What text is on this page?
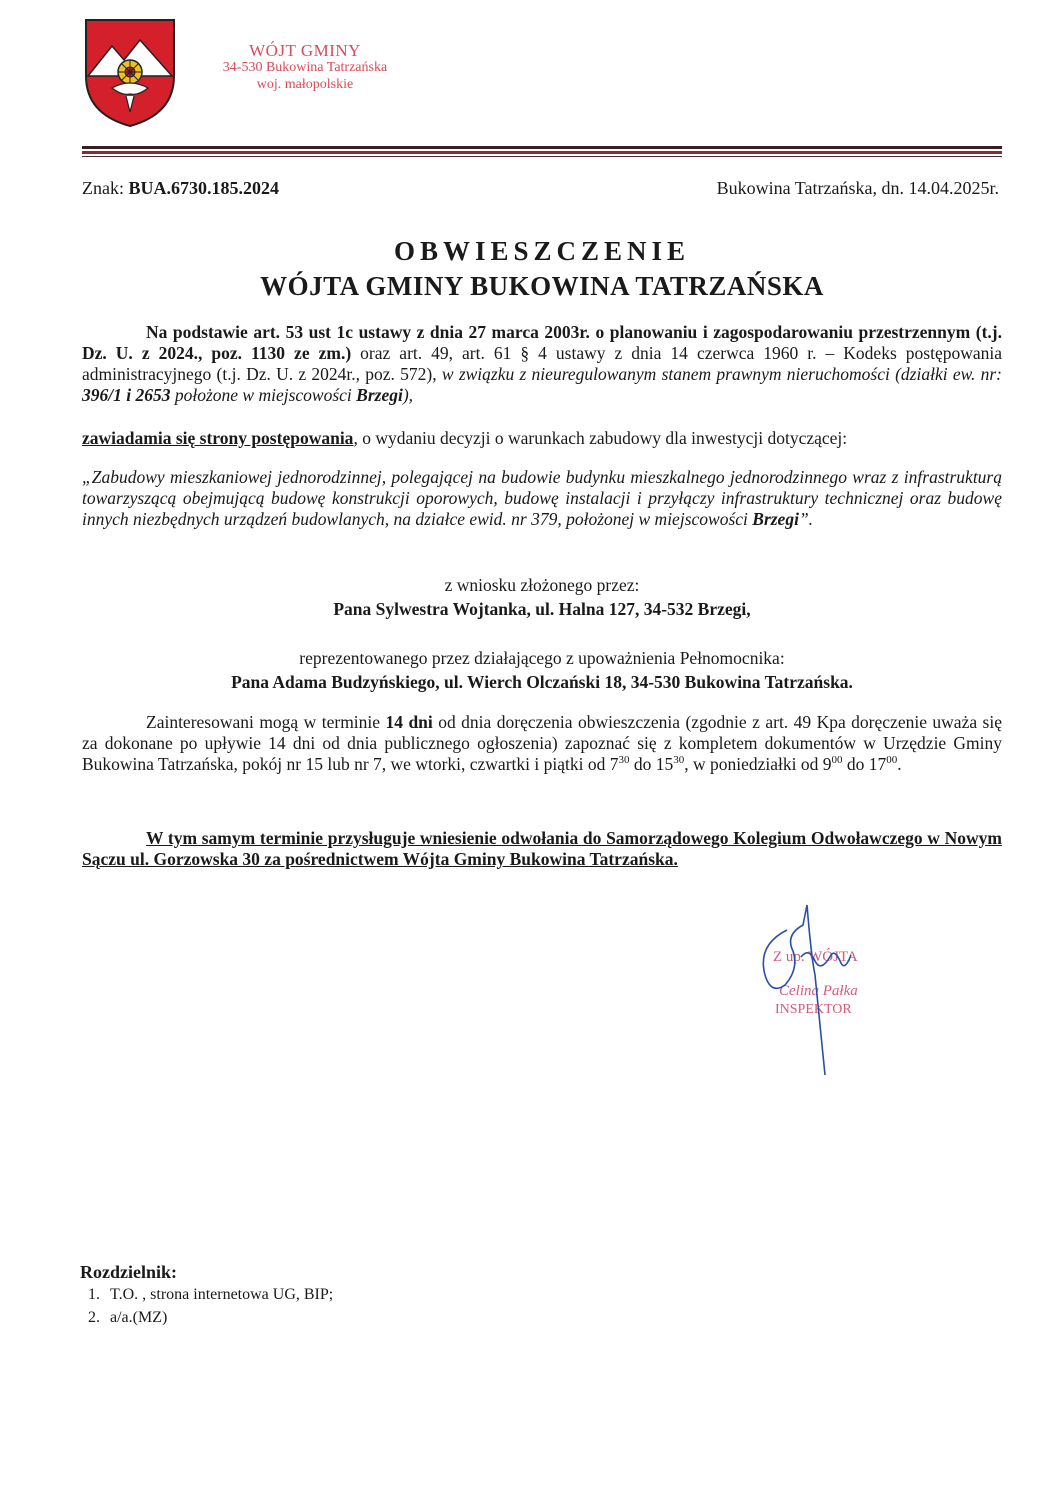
WÓJT GMINY
34-530 Bukowina Tatrzańska
woj. małopolskie
Znak: BUA.6730.185.2024	Bukowina Tatrzańska, dn. 14.04.2025r.
OBWIESZCZENIE
WÓJTA GMINY BUKOWINA TATRZAŃSKA
Na podstawie art. 53 ust 1c ustawy z dnia 27 marca 2003r. o planowaniu i zagospodarowaniu przestrzennym (t.j. Dz. U. z 2024., poz. 1130 ze zm.) oraz art. 49, art. 61 § 4 ustawy z dnia 14 czerwca 1960 r. – Kodeks postępowania administracyjnego (t.j. Dz. U. z 2024r., poz. 572), w związku z nieuregulowanym stanem prawnym nieruchomości (działki ew. nr: 396/1 i 2653 położone w miejscowości Brzegi),
zawiadamia się strony postępowania, o wydaniu decyzji o warunkach zabudowy dla inwestycji dotyczącej:
„Zabudowy mieszkaniowej jednorodzinnej, polegającej na budowie budynku mieszkalnego jednorodzinnego wraz z infrastrukturą towarzyszącą obejmującą budowę konstrukcji oporowych, budowę instalacji i przyłączy infrastruktury technicznej oraz budowę innych niezbędnych urządzeń budowlanych, na działce ewid. nr 379, położonej w miejscowości Brzegi”.
z wniosku złożonego przez:
Pana Sylwestra Wojtanka, ul. Halna 127, 34-532 Brzegi,
reprezentowanego przez działającego z upoważnienia Pełnomocnika:
Pana Adama Budzyńskiego, ul. Wierch Olczański 18, 34-530 Bukowina Tatrzańska.
Zainteresowani mogą w terminie 14 dni od dnia doręczenia obwieszczenia (zgodnie z art. 49 Kpa doręczenie uważa się za dokonane po upływie 14 dni od dnia publicznego ogłoszenia) zapoznać się z kompletem dokumentów w Urzędzie Gminy Bukowina Tatrzańska, pokój nr 15 lub nr 7, we wtorki, czwartki i piątki od $7^{30}$ do $15^{30}$, w poniedziałki od $9^{00}$ do $17^{00}$.
W tym samym terminie przysługuje wniesienie odwołania do Samorządowego Kolegium Odwoławczego w Nowym Sączu ul. Gorzowska 30 za pośrednictwem Wójta Gminy Bukowina Tatrzańska.
Z up. WÓJTA
Celina Pałka
INSPEKTOR
Rozdzielnik:
1. T.O. , strona internetowa UG, BIP;
2. a/a.(MZ)
